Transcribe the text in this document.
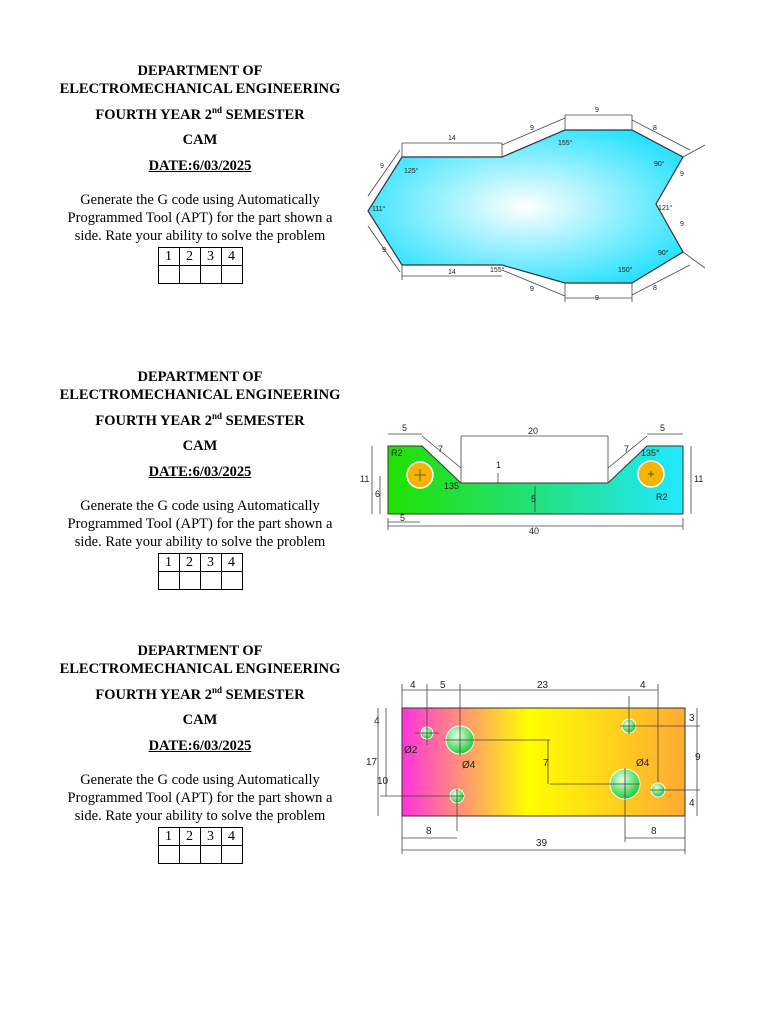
DEPARTMENT OF ELECTROMECHANICAL ENGINEERING

FOURTH YEAR 2nd SEMESTER
CAM
DATE:6/03/2025
Generate the G code using Automatically Programmed Tool (APT) for the part shown a side. Rate your ability to solve the problem
1	2	3	4

14
9
9
8
9
9
9
9
14
9
9
8
125°
111°
155°
90°
121°
90°
155°	150°

DEPARTMENT OF ELECTROMECHANICAL ENGINEERING

FOURTH YEAR 2nd SEMESTER
CAM
DATE:6/03/2025
Generate the G code using Automatically Programmed Tool (APT) for the part shown a side. Rate your ability to solve the problem
1	2	3	4

5	20	5
7	7
R2
R2
135
135°
1
11
6	5
11
5
40

DEPARTMENT OF ELECTROMECHANICAL ENGINEERING

FOURTH YEAR 2nd SEMESTER
CAM
DATE:6/03/2025
Generate the G code using Automatically Programmed Tool (APT) for the part shown a side. Rate your ability to solve the problem
1	2	3	4

4 5	23	4
4
17
10
3
9
4
7
Ø2
Ø4	Ø4
8	8
39
